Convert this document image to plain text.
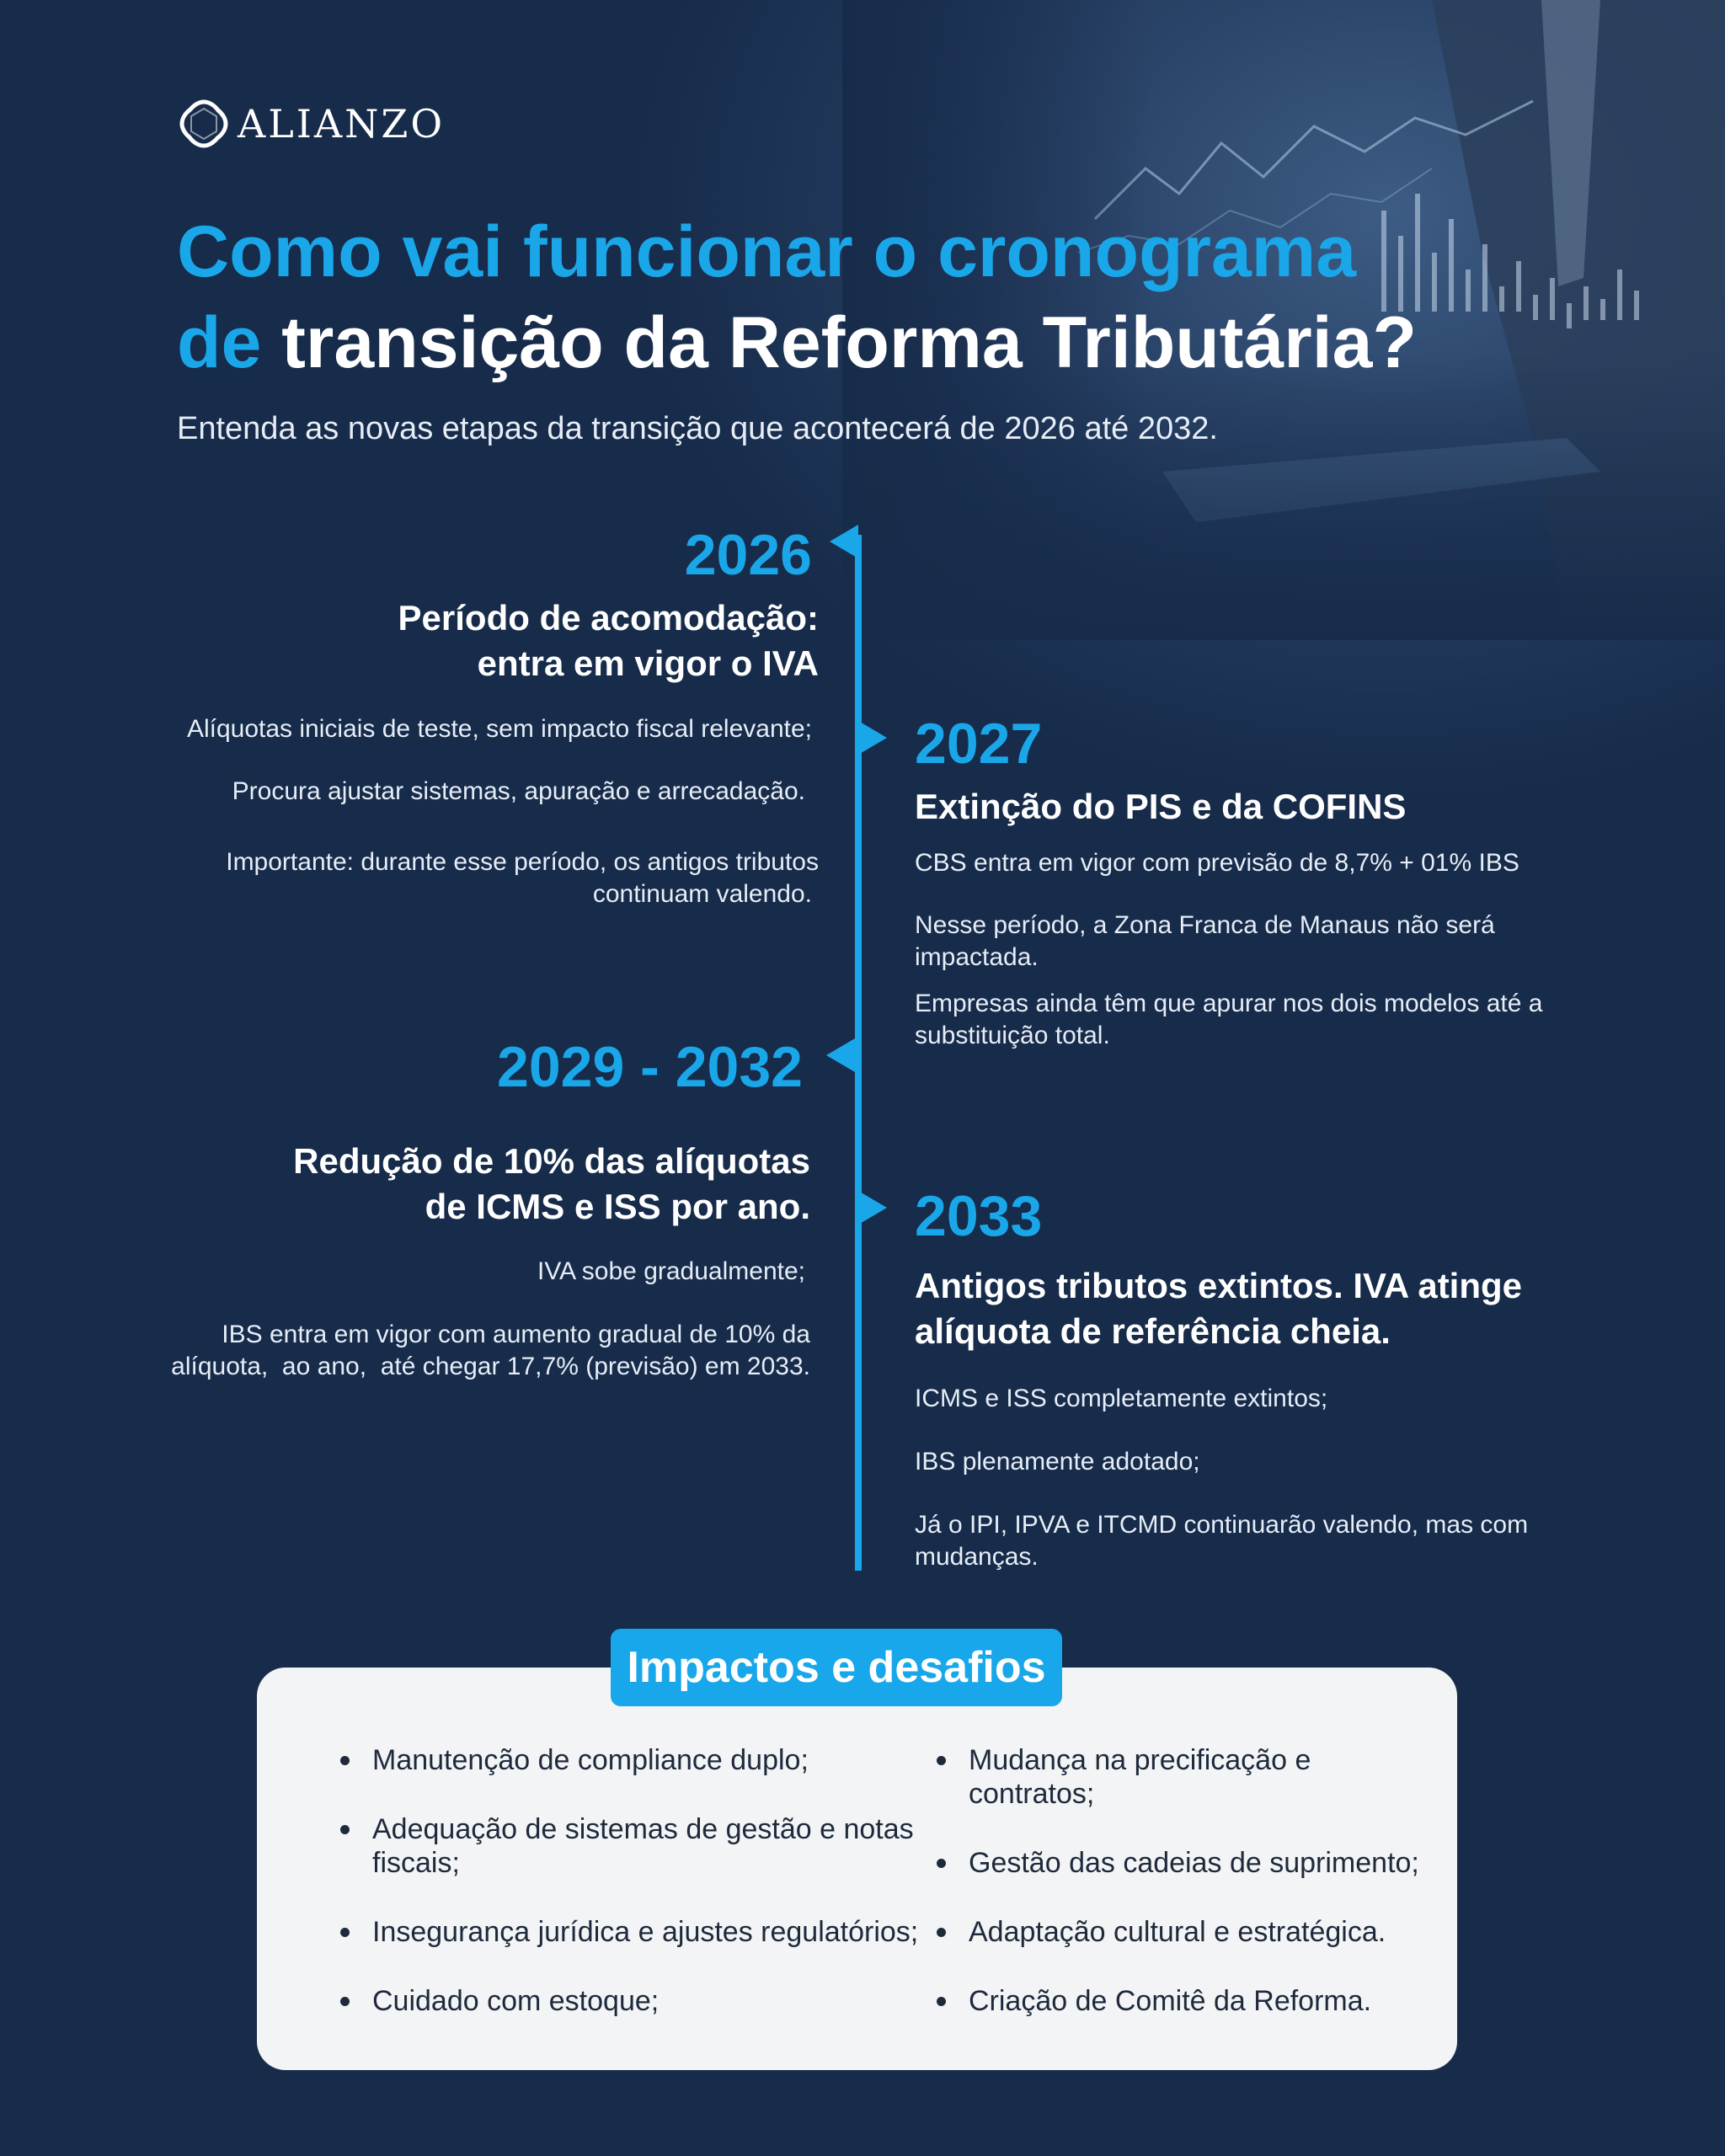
ALIANZO
Como vai funcionar o cronograma
de transição da Reforma Tributária?
Entenda as novas etapas da transição que acontecerá de 2026 até 2032.
2026
Período de acomodação:
entra em vigor o IVA
Alíquotas iniciais de teste, sem impacto fiscal relevante;
Procura ajustar sistemas, apuração e arrecadação.
Importante: durante esse período, os antigos tributos
continuam valendo.
2027
Extinção do PIS e da COFINS
CBS entra em vigor com previsão de 8,7% + 01% IBS
Nesse período, a Zona Franca de Manaus não será
impactada.
Empresas ainda têm que apurar nos dois modelos até a
substituição total.
2029 - 2032
Redução de 10% das alíquotas
de ICMS e ISS por ano.
IVA sobe gradualmente;
IBS entra em vigor com aumento gradual de 10% da
alíquota,  ao ano,  até chegar 17,7% (previsão) em 2033.
2033
Antigos tributos extintos. IVA atinge
alíquota de referência cheia.
ICMS e ISS completamente extintos;
IBS plenamente adotado;
Já o IPI, IPVA e ITCMD continuarão valendo, mas com
mudanças.
Impactos e desafios
Manutenção de compliance duplo;
Adequação de sistemas de gestão e notas
fiscais;
Insegurança jurídica e ajustes regulatórios;
Cuidado com estoque;
Mudança na precificação e
contratos;
Gestão das cadeias de suprimento;
Adaptação cultural e estratégica.
Criação de Comitê da Reforma.
